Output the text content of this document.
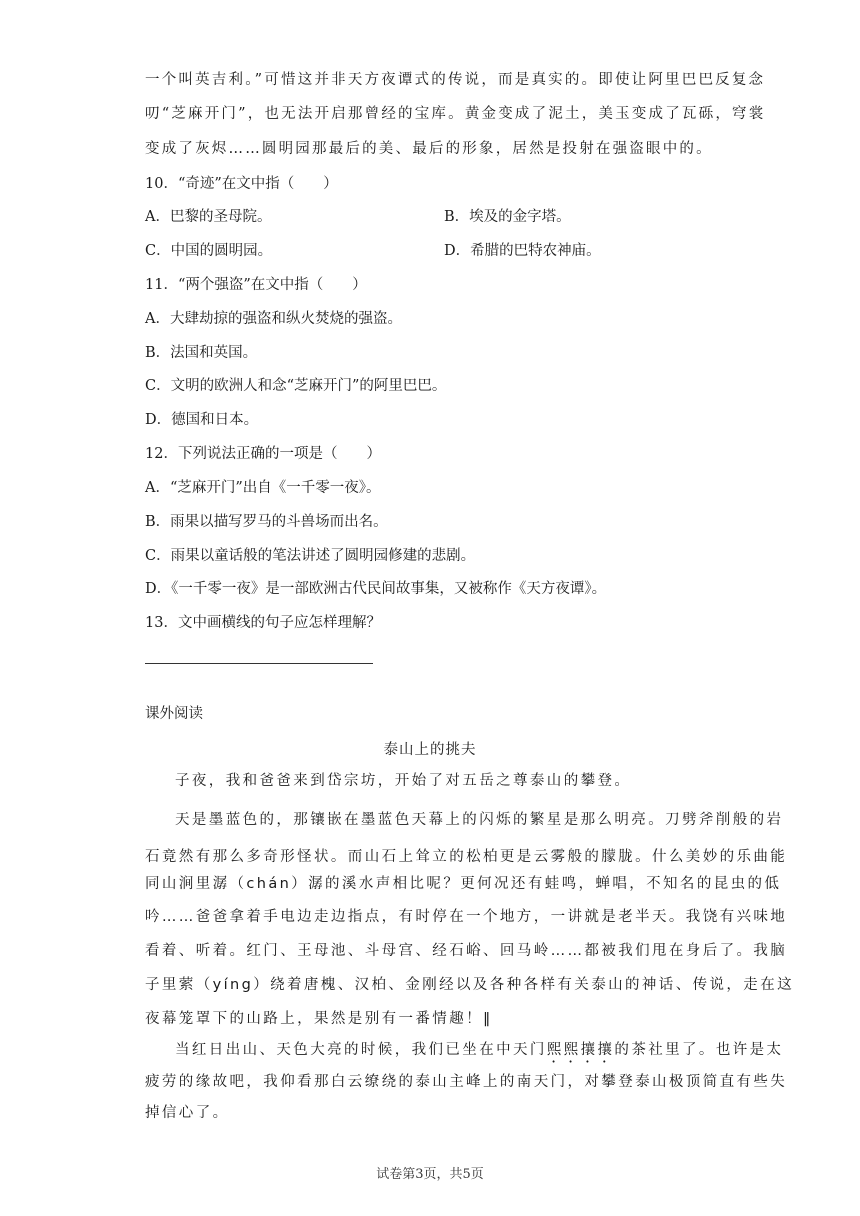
一个叫英吉利。”可惜这并非天方夜谭式的传说，而是真实的。即使让阿里巴巴反复念
叨“芝麻开门”，也无法开启那曾经的宝库。黄金变成了泥土，美玉变成了瓦砾，穹裳
变成了灰烬……圆明园那最后的美、最后的形象，居然是投射在强盗眼中的。
10．“奇迹”在文中指（　　）
A．巴黎的圣母院。	B．埃及的金字塔。
C．中国的圆明园。	D．希腊的巴特农神庙。
11．“两个强盗”在文中指（　　）
A．大肆劫掠的强盗和纵火焚烧的强盗。
B．法国和英国。
C．文明的欧洲人和念“芝麻开门”的阿里巴巴。
D．德国和日本。
12．下列说法正确的一项是（　　）
A．“芝麻开门”出自《一千零一夜》。
B．雨果以描写罗马的斗兽场而出名。
C．雨果以童话般的笔法讲述了圆明园修建的悲剧。
D．《一千零一夜》是一部欧洲古代民间故事集，又被称作《天方夜谭》。
13．文中画横线的句子应怎样理解？
课外阅读
泰山上的挑夫
子夜，我和爸爸来到岱宗坊，开始了对五岳之尊泰山的攀登。
天是墨蓝色的，那镶嵌在墨蓝色天幕上的闪烁的繁星是那么明亮。刀劈斧削般的岩
石竟然有那么多奇形怪状。而山石上耸立的松柏更是云雾般的朦胧。什么美妙的乐曲能
同山涧里潺（chán）潺的溪水声相比呢？更何况还有蛙鸣，蝉唱，不知名的昆虫的低
吟……爸爸拿着手电边走边指点，有时停在一个地方，一讲就是老半天。我饶有兴味地
看着、听着。红门、王母池、斗母宫、经石峪、回马岭……都被我们甩在身后了。我脑
子里萦（yíng）绕着唐槐、汉柏、金刚经以及各种各样有关泰山的神话、传说，走在这
夜幕笼罩下的山路上，果然是别有一番情趣！‖
当红日出山、天色大亮的时候，我们已坐在中天门熙熙攘攘的茶社里了。也许是太
疲劳的缘故吧，我仰看那白云缭绕的泰山主峰上的南天门，对攀登泰山极顶简直有些失
掉信心了。
试卷第3页，共5页
